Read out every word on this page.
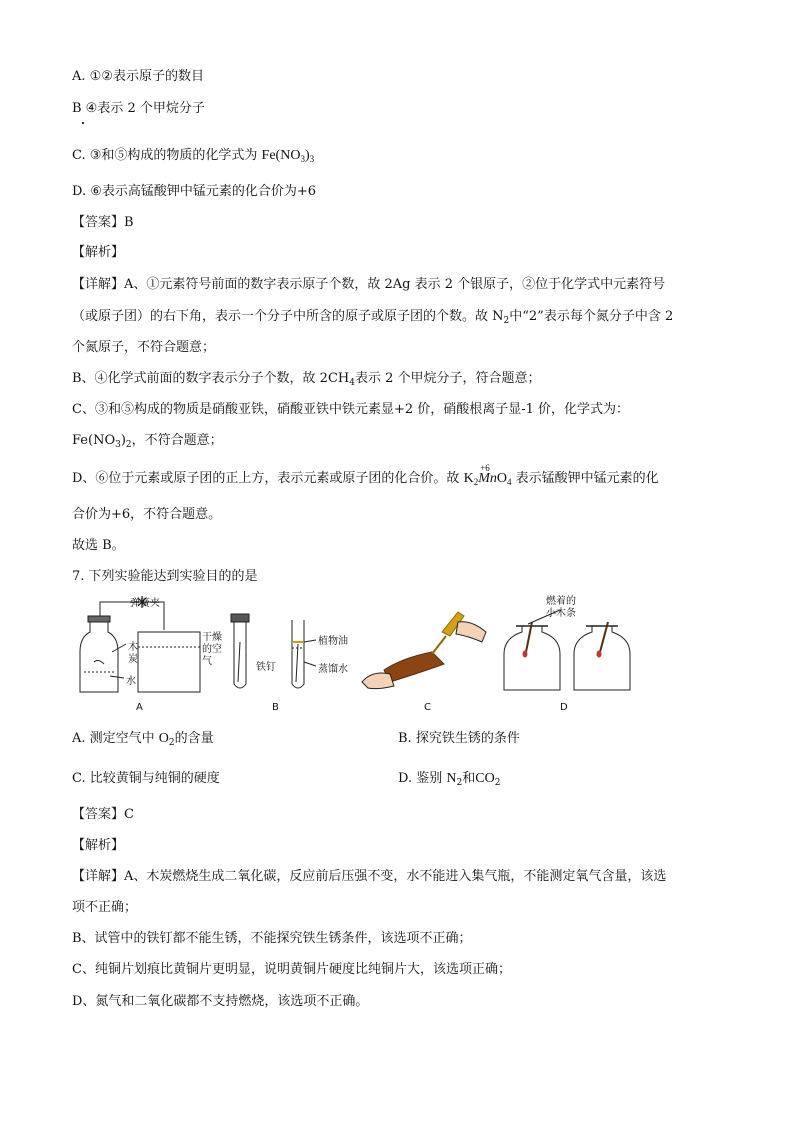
A. ①②表示原子的数目
B ④表示 2 个甲烷分子
C. ③和⑤构成的物质的化学式为 $Fe(NO_3)_3$
D. ⑥表示高锰酸钾中锰元素的化合价为+6
【答案】B
【解析】
【详解】A、①元素符号前面的数字表示原子个数，故 2Ag 表示 2 个银原子，②位于化学式中元素符号
（或原子团）的右下角，表示一个分子中所含的原子或原子团的个数。故 $N_2$中“2”表示每个氮分子中含 2
个氮原子，不符合题意；
B、④化学式前面的数字表示分子个数，故 $2CH_4$表示 2 个甲烷分子，符合题意；
C、③和⑤构成的物质是硝酸亚铁，硝酸亚铁中铁元素显+2 价，硝酸根离子显-1 价，化学式为：
$Fe(NO_3)_2$，不符合题意；
D、⑥位于元素或原子团的正上方，表示元素或原子团的化合价。故 $K_2$
+6
MnO$_4$ 表示锰酸钾中锰元素的化
合价为+6，不符合题意。
故选 B。
7. 下列实验能达到实验目的的是
弹簧夹
木
炭
水
A
干燥
的空
气
铁钉
植物油
蒸馏水
B	C
燃着的
小木条
D
A. 测定空气中 $O_2$的含量	B. 探究铁生锈的条件
C. 比较黄铜与纯铜的硬度	D. 鉴别 $N_2$和$CO_2$
【答案】C
【解析】
【详解】A、木炭燃烧生成二氧化碳，反应前后压强不变，水不能进入集气瓶，不能测定氧气含量，该选
项不正确；
B、试管中的铁钉都不能生锈，不能探究铁生锈条件，该选项不正确；
C、纯铜片划痕比黄铜片更明显，说明黄铜片硬度比纯铜片大，该选项正确；
D、氮气和二氧化碳都不支持燃烧，该选项不正确。
